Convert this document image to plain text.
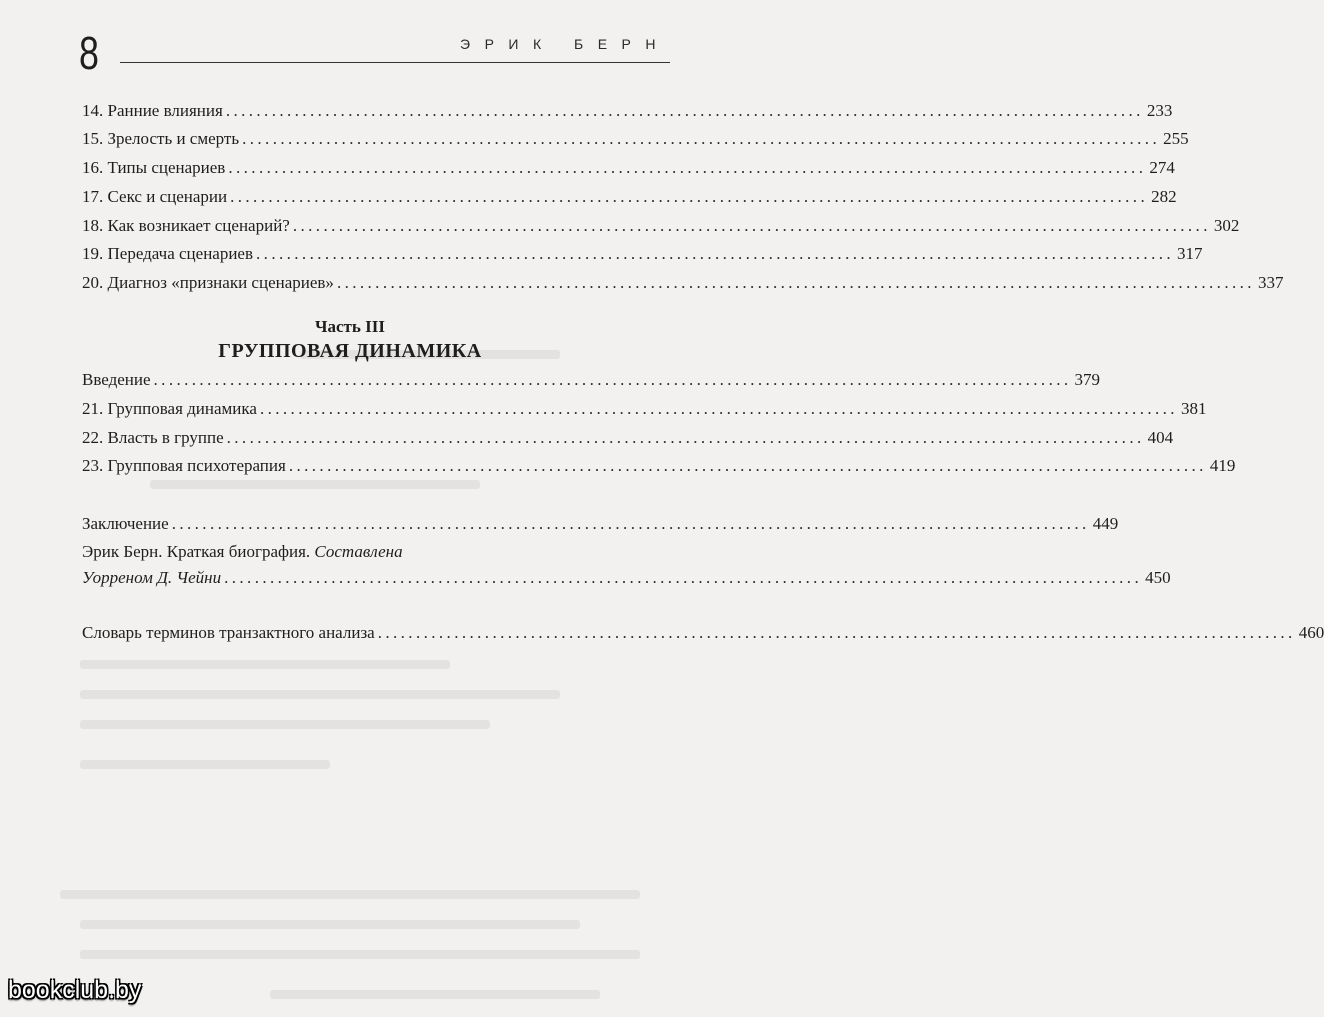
8	ЭРИК БЕРН
14. Ранние влияния ........................................................................................................................ 233
15. Зрелость и смерть ........................................................................................................................ 255
16. Типы сценариев ........................................................................................................................ 274
17. Секс и сценарии ........................................................................................................................ 282
18. Как возникает сценарий? ........................................................................................................................ 302
19. Передача сценариев ........................................................................................................................ 317
20. Диагноз «признаки сценариев» ........................................................................................................................ 337
Часть III
ГРУППОВАЯ ДИНАМИКА
Введение ........................................................................................................................ 379
21. Групповая динамика ........................................................................................................................ 381
22. Власть в группе ........................................................................................................................ 404
23. Групповая психотерапия ........................................................................................................................ 419
Заключение ........................................................................................................................ 449
Эрик Берн. Краткая биография. Составлена
Уорреном Д. Чейни ........................................................................................................................ 450
Словарь терминов транзактного анализа ........................................................................................................................ 460
bookclub.by
